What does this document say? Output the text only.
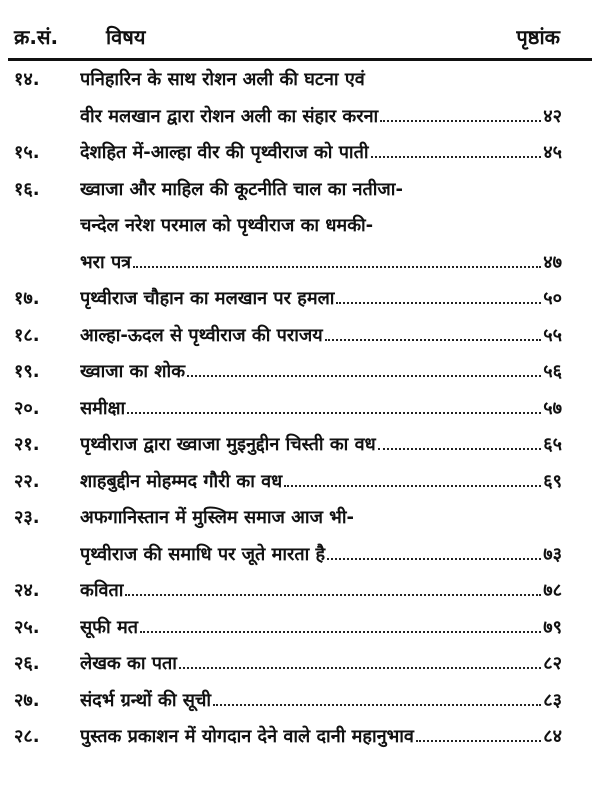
क्र.सं. विषय	पृष्ठांक
१४.	पनिहारिन के साथ रोशन अली की घटना एवं
वीर मलखान द्वारा रोशन अली का संहार करना	४२
१५.	देशहित में-आल्हा वीर की पृथ्वीराज को पाती	४५
१६.	ख्वाजा और माहिल की कूटनीति चाल का नतीजा-
चन्देल नरेश परमाल को पृथ्वीराज का धमकी-
भरा पत्र	४७
१७.	पृथ्वीराज चौहान का मलखान पर हमला	५०
१८.	आल्हा-ऊदल से पृथ्वीराज की पराजय	५५
१९.	ख्वाजा का शोक	५६
२०.	समीक्षा	५७
२१.	पृथ्वीराज द्वारा ख्वाजा मुइनुद्दीन चिस्ती का वध	६५
२२.	शाहबुद्दीन मोहम्मद गौरी का वध	६९
२३.	अफगानिस्तान में मुस्लिम समाज आज भी-
पृथ्वीराज की समाधि पर जूते मारता है	७३
२४.	कविता	७८
२५.	सूफी मत	७९
२६.	लेखक का पता	८२
२७.	संदर्भ ग्रन्थों की सूची	८३
२८.	पुस्तक प्रकाशन में योगदान देने वाले दानी महानुभाव	८४
